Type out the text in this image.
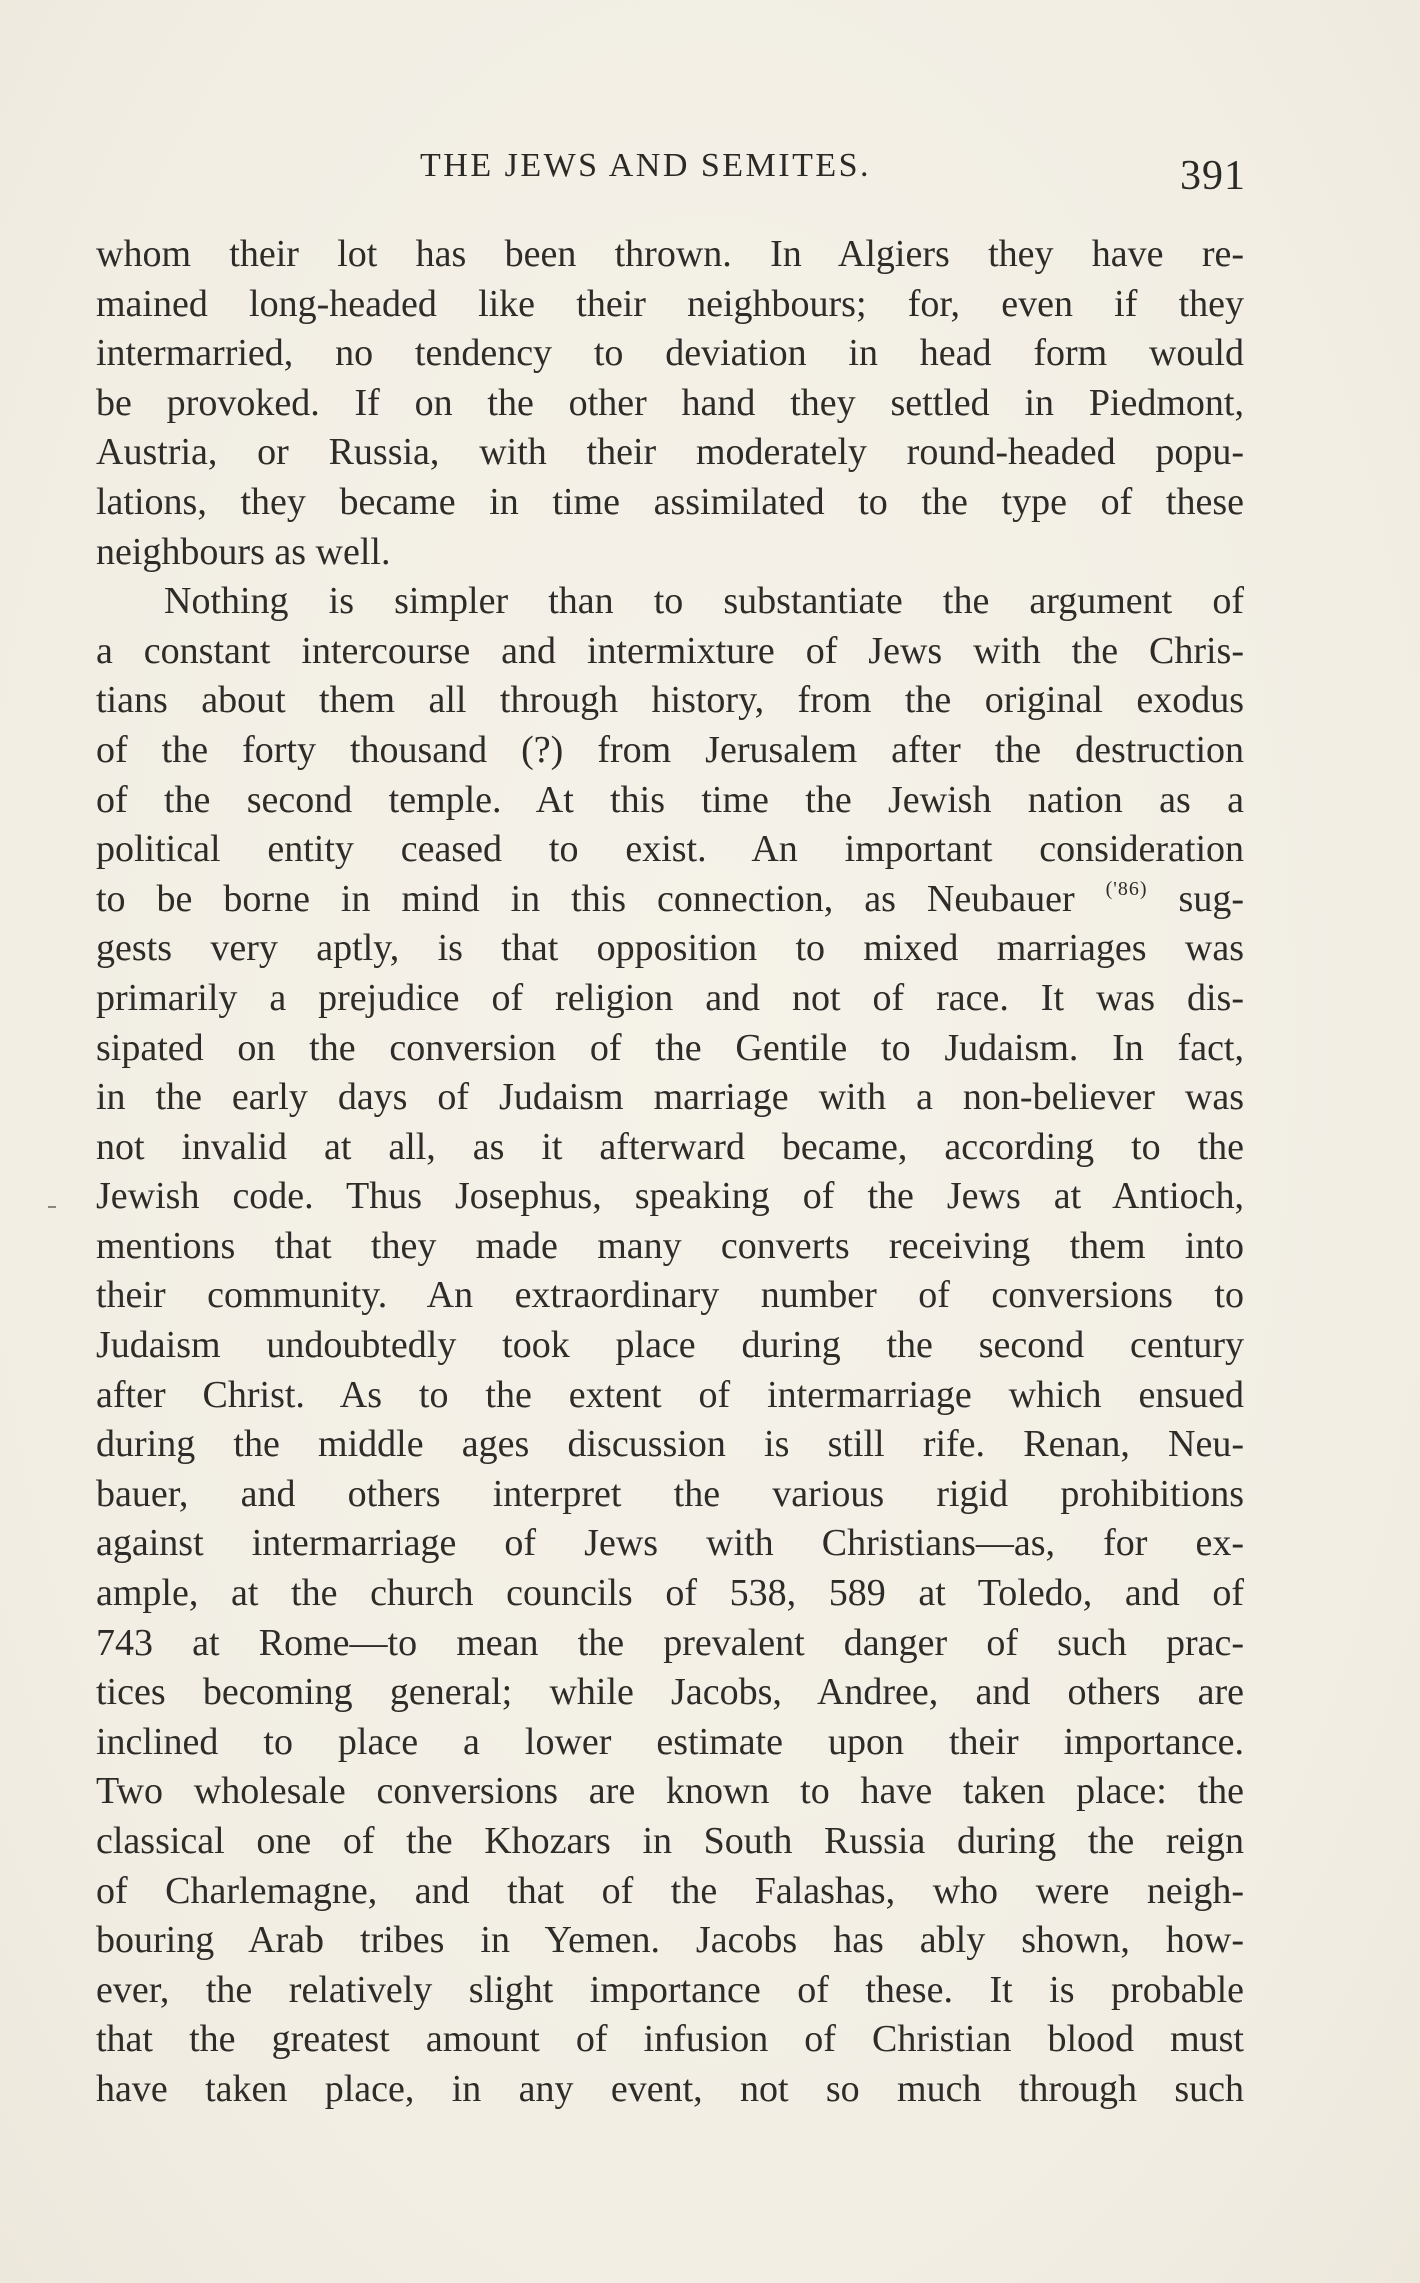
THE JEWS AND SEMITES.	391
whom their lot has been thrown. In Algiers they have re-
mained long-headed like their neighbours; for, even if they
intermarried, no tendency to deviation in head form would
be provoked. If on the other hand they settled in Piedmont,
Austria, or Russia, with their moderately round-headed popu-
lations, they became in time assimilated to the type of these
neighbours as well.
Nothing is simpler than to substantiate the argument of
a constant intercourse and intermixture of Jews with the Chris-
tians about them all through history, from the original exodus
of the forty thousand (?) from Jerusalem after the destruction
of the second temple. At this time the Jewish nation as a
political entity ceased to exist. An important consideration
to be borne in mind in this connection, as Neubauer $^{('86)}$ sug-
gests very aptly, is that opposition to mixed marriages was
primarily a prejudice of religion and not of race. It was dis-
sipated on the conversion of the Gentile to Judaism. In fact,
in the early days of Judaism marriage with a non-believer was
not invalid at all, as it afterward became, according to the
Jewish code. Thus Josephus, speaking of the Jews at Antioch,
mentions that they made many converts receiving them into
their community. An extraordinary number of conversions to
Judaism undoubtedly took place during the second century
after Christ. As to the extent of intermarriage which ensued
during the middle ages discussion is still rife. Renan, Neu-
bauer, and others interpret the various rigid prohibitions
against intermarriage of Jews with Christians—as, for ex-
ample, at the church councils of 538, 589 at Toledo, and of
743 at Rome—to mean the prevalent danger of such prac-
tices becoming general; while Jacobs, Andree, and others are
inclined to place a lower estimate upon their importance.
Two wholesale conversions are known to have taken place: the
classical one of the Khozars in South Russia during the reign
of Charlemagne, and that of the Falashas, who were neigh-
bouring Arab tribes in Yemen. Jacobs has ably shown, how-
ever, the relatively slight importance of these. It is probable
that the greatest amount of infusion of Christian blood must
have taken place, in any event, not so much through such
